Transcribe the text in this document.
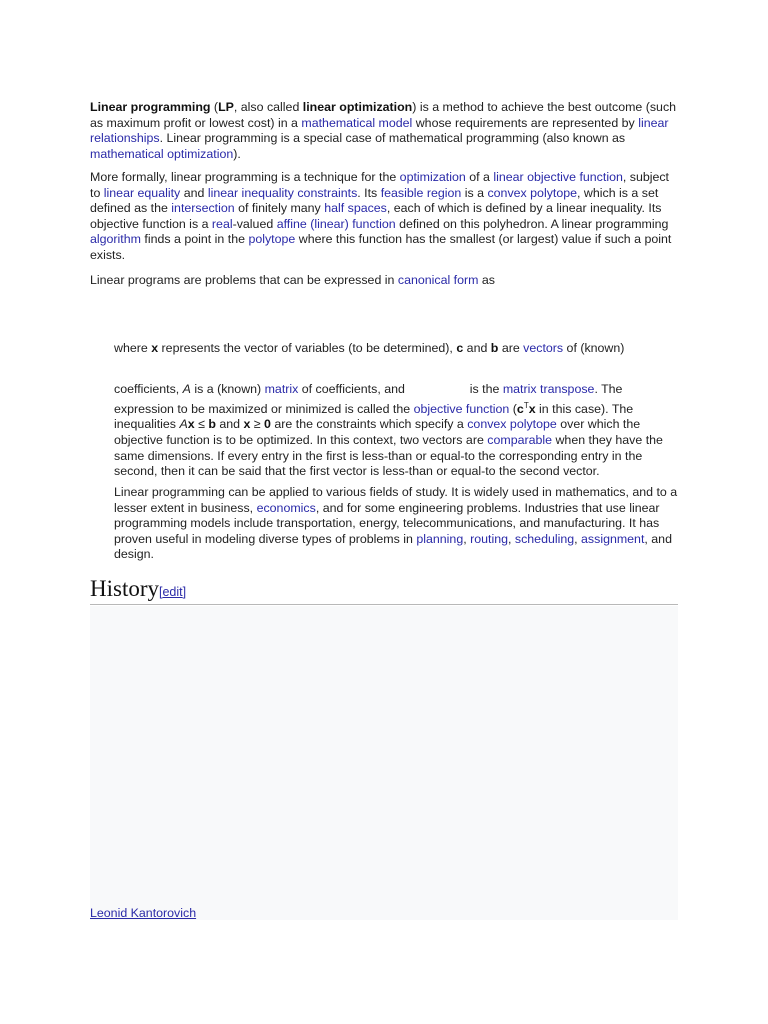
Linear programming (LP, also called linear optimization) is a method to achieve the best outcome (such as maximum profit or lowest cost) in a mathematical model whose requirements are represented by linear relationships. Linear programming is a special case of mathematical programming (also known as mathematical optimization).

More formally, linear programming is a technique for the optimization of a linear objective function, subject to linear equality and linear inequality constraints. Its feasible region is a convex polytope, which is a set defined as the intersection of finitely many half spaces, each of which is defined by a linear inequality. Its objective function is a real-valued affine (linear) function defined on this polyhedron. A linear programming algorithm finds a point in the polytope where this function has the smallest (or largest) value if such a point exists.

Linear programs are problems that can be expressed in canonical form as

where x represents the vector of variables (to be determined), c and b are vectors of (known)

coefficients, A is a (known) matrix of coefficients, and	is the matrix transpose. The expression to be maximized or minimized is called the objective function ($c^Tx$ in this case). The inequalities Ax ≤ b and x ≥ 0 are the constraints which specify a convex polytope over which the objective function is to be optimized. In this context, two vectors are comparable when they have the same dimensions. If every entry in the first is less-than or equal-to the corresponding entry in the second, then it can be said that the first vector is less-than or equal-to the second vector.

Linear programming can be applied to various fields of study. It is widely used in mathematics, and to a lesser extent in business, economics, and for some engineering problems. Industries that use linear programming models include transportation, energy, telecommunications, and manufacturing. It has proven useful in modeling diverse types of problems in planning, routing, scheduling, assignment, and design.

History[edit]
Leonid Kantorovich
